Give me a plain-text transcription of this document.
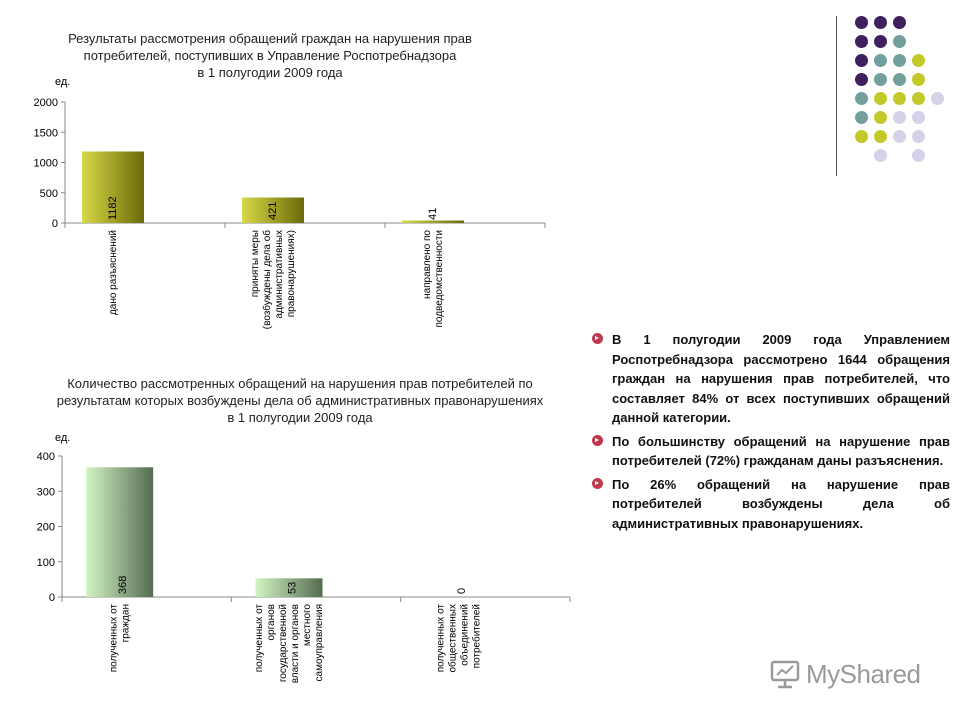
Результаты рассмотрения обращений граждан на нарушения прав
потребителей, поступивших в Управление Роспотребнадзора
в 1 полугодии 2009 года
ед.
0
500
1000
1500
2000
1182
дано разъяснений
421
приняты меры(возбуждены дела обадминистративныхправонарушениях)
41
направлено поподведомственности
Количество рассмотренных обращений на нарушения прав потребителей по
результатам которых возбуждены дела об административных правонарушениях
в 1 полугодии 2009 года
ед.
0
100
200
300
400
368
полученных отграждан
53
полученных оторгановгосударственнойвласти и органовместногосамоуправления
0
полученных отобщественныхобъединенийпотребителей
В 1 полугодии 2009 года Управлением Роспотребнадзора рассмотрено 1644 обращения граждан на нарушения прав потребителей, что составляет 84% от всех поступивших обращений данной категории.
По большинству обращений на нарушение прав потребителей (72%) гражданам даны разъяснения.
По 26% обращений на нарушение прав потребителей возбуждены дела об административных правонарушениях.
MyShared
